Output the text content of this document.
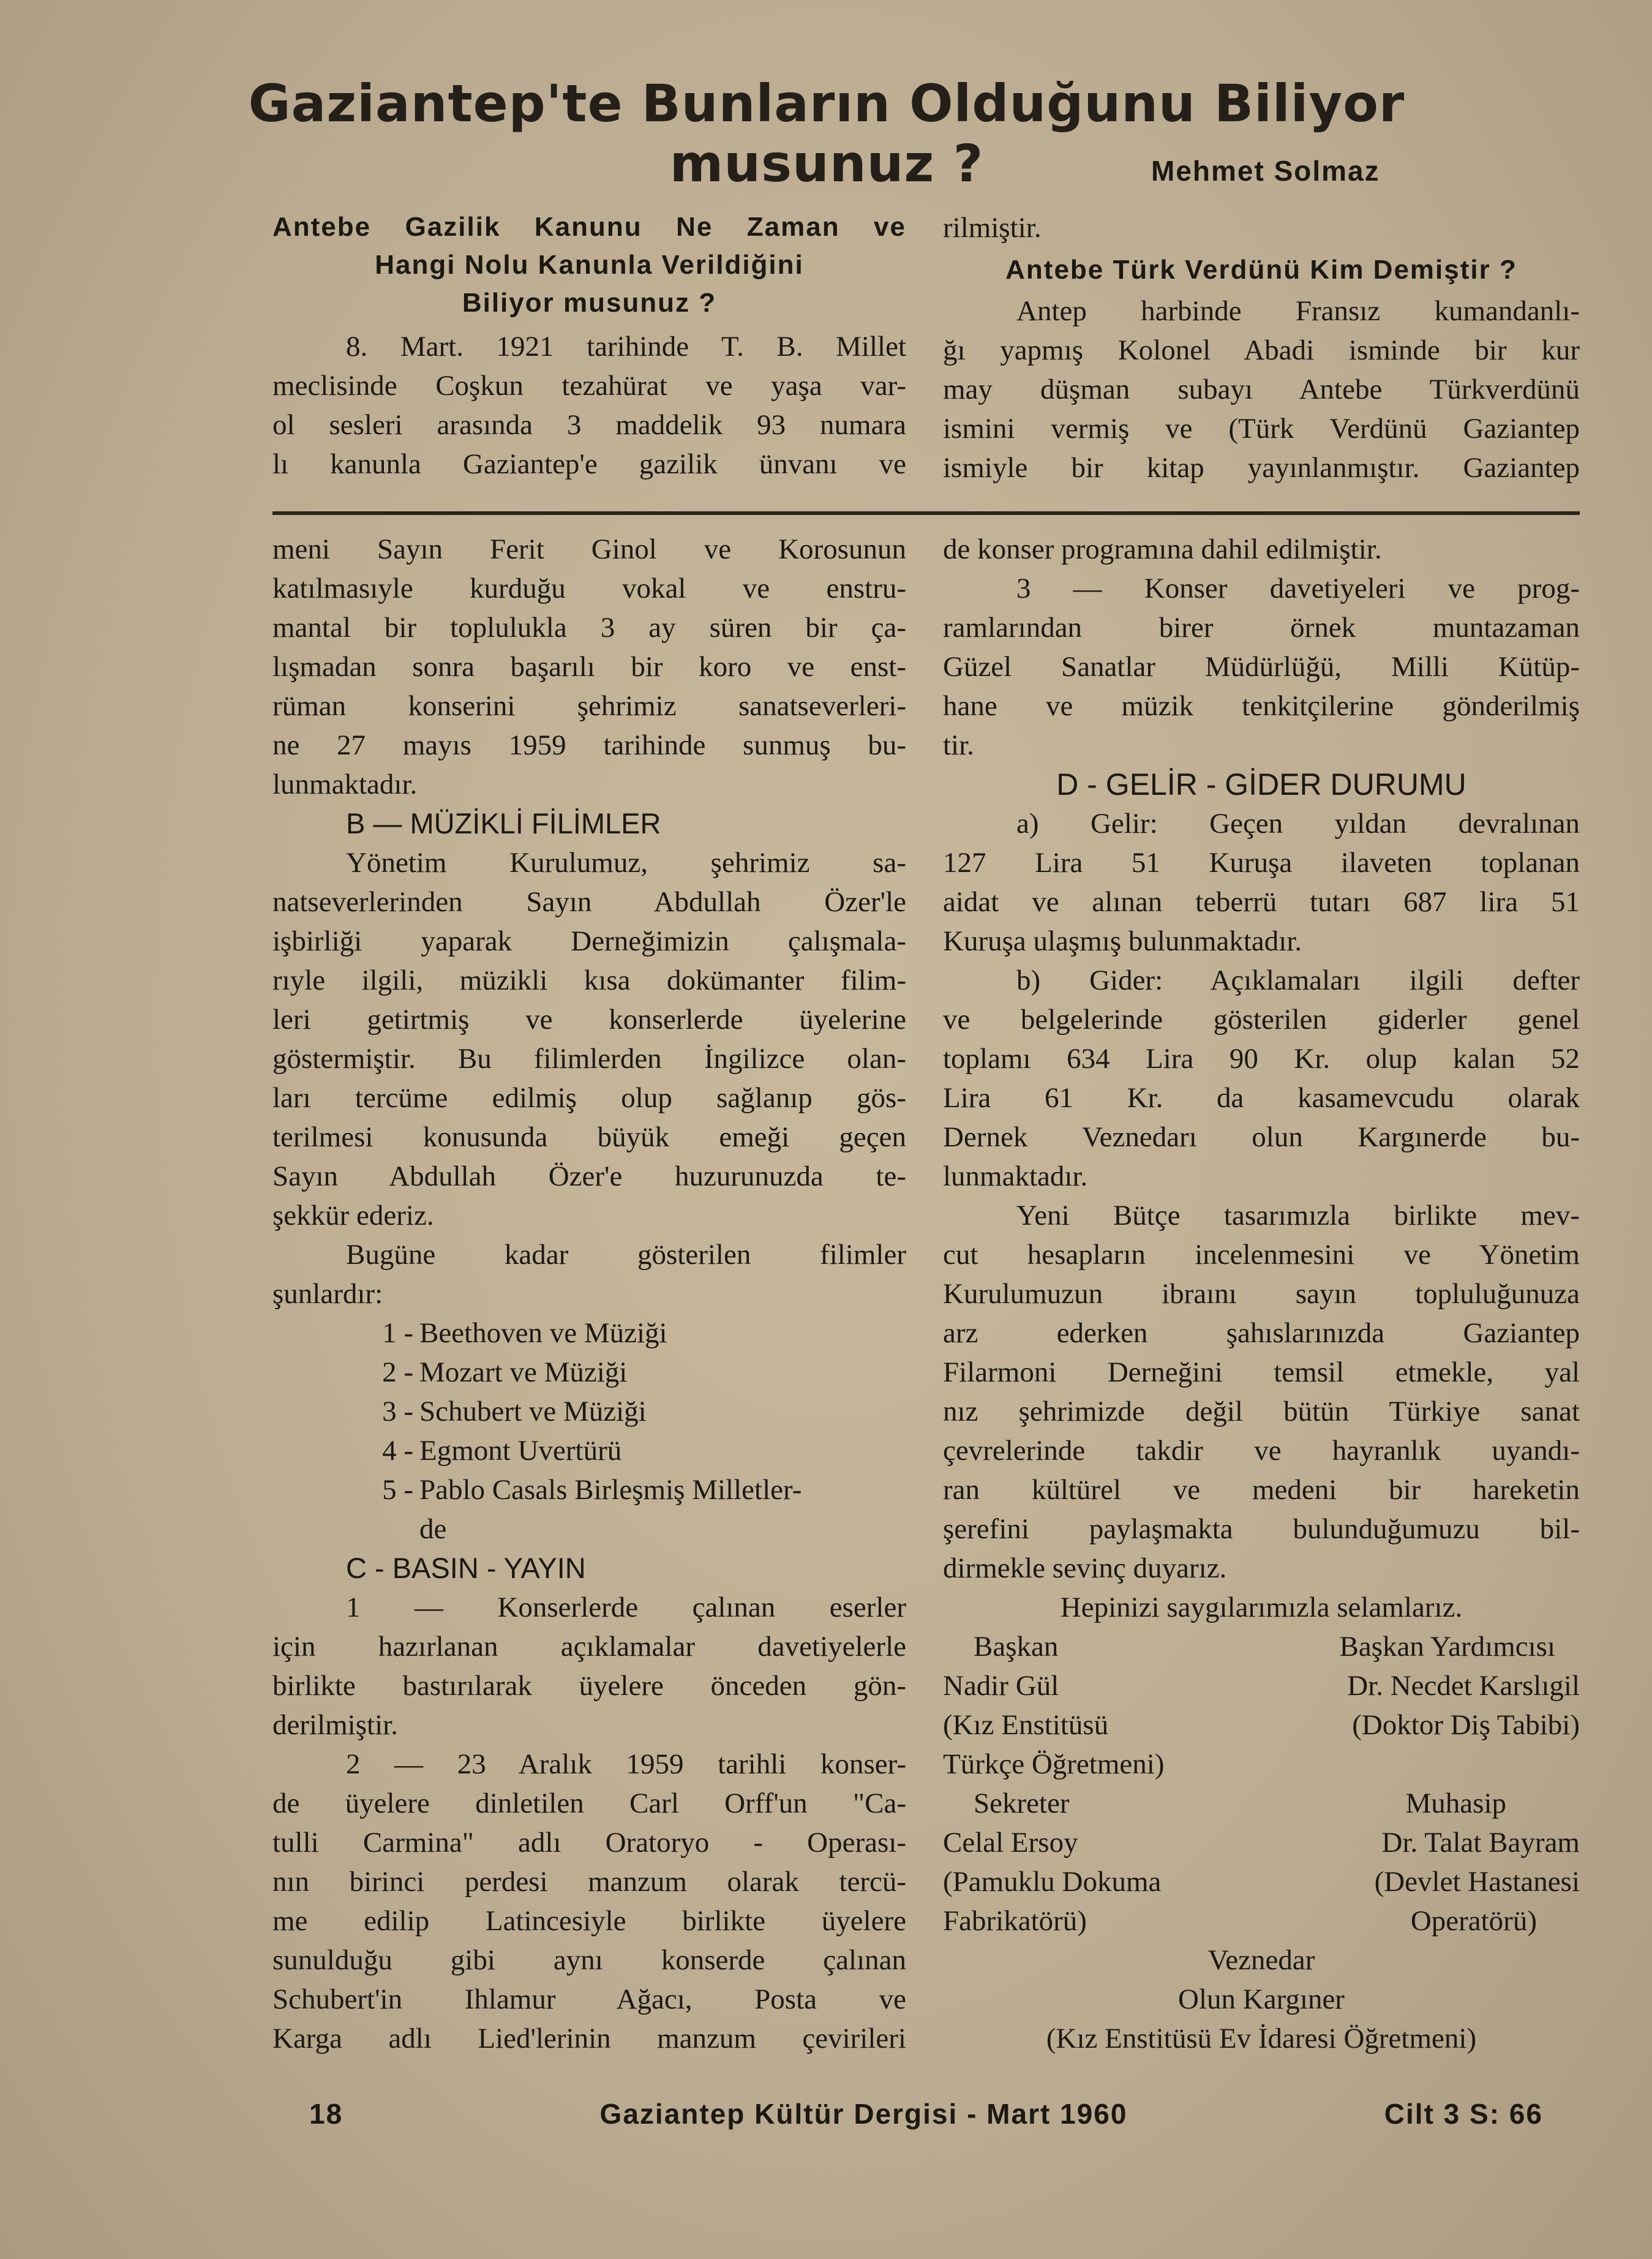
Gaziantep'te Bunların Olduğunu Biliyor musunuz ?	Mehmet Solmaz

Antebe Gazilik Kanunu Ne Zaman ve

Hangi Nolu Kanunla Verildiğini

Biliyor musunuz ?

8. Mart. 1921 tarihinde T. B. Millet

meclisinde Coşkun tezahürat ve yaşa var-

ol sesleri arasında 3 maddelik 93 numara

lı kanunla Gaziantep'e gazilik ünvanı ve

rilmiştir.

Antebe Türk Verdünü Kim Demiştir ?

Antep harbinde Fransız kumandanlı-

ğı yapmış Kolonel Abadi isminde bir kur

may düşman subayı Antebe Türkverdünü

ismini vermiş ve (Türk Verdünü Gaziantep

ismiyle bir kitap yayınlanmıştır. Gaziantep

meni Sayın Ferit Ginol ve Korosunun

katılmasıyle kurduğu vokal ve enstru-

mantal bir toplulukla 3 ay süren bir ça-

lışmadan sonra başarılı bir koro ve enst-

rüman konserini şehrimiz sanatseverleri-

ne 27 mayıs 1959 tarihinde sunmuş bu-

lunmaktadır.

B — MÜZİKLİ FİLİMLER

Yönetim Kurulumuz, şehrimiz sa-

natseverlerinden Sayın Abdullah Özer'le

işbirliği yaparak Derneğimizin çalışmala-

rıyle ilgili, müzikli kısa dokümanter filim-

leri getirtmiş ve konserlerde üyelerine

göstermiştir. Bu filimlerden İngilizce olan-

ları tercüme edilmiş olup sağlanıp gös-

terilmesi konusunda büyük emeği geçen

Sayın Abdullah Özer'e huzurunuzda te-

şekkür ederiz.

Bugüne kadar gösterilen filimler

şunlardır:

1 - Beethoven ve Müziği
2 - Mozart ve Müziği
3 - Schubert ve Müziği
4 - Egmont Uvertürü
5 - Pablo Casals Birleşmiş Milletler-

de

C - BASIN - YAYIN

1 — Konserlerde çalınan eserler

için hazırlanan açıklamalar davetiyelerle

birlikte bastırılarak üyelere önceden gön-

derilmiştir.

2 — 23 Aralık 1959 tarihli konser-

de üyelere dinletilen Carl Orff'un "Ca-

tulli Carmina" adlı Oratoryo - Operası-

nın birinci perdesi manzum olarak tercü-

me edilip Latincesiyle birlikte üyelere

sunulduğu gibi aynı konserde çalınan

Schubert'in Ihlamur Ağacı, Posta ve

Karga adlı Lied'lerinin manzum çevirileri

de konser programına dahil edilmiştir.

3 — Konser davetiyeleri ve prog-

ramlarından birer örnek muntazaman

Güzel Sanatlar Müdürlüğü, Milli Kütüp-

hane ve müzik tenkitçilerine gönderilmiş

tir.

D - GELİR - GİDER DURUMU

a) Gelir: Geçen yıldan devralınan

127 Lira 51 Kuruşa ilaveten toplanan

aidat ve alınan teberrü tutarı 687 lira 51

Kuruşa ulaşmış bulunmaktadır.

b) Gider: Açıklamaları ilgili defter

ve belgelerinde gösterilen giderler genel

toplamı 634 Lira 90 Kr. olup kalan 52

Lira 61 Kr. da kasamevcudu olarak

Dernek Veznedarı olun Kargınerde bu-

lunmaktadır.

Yeni Bütçe tasarımızla birlikte mev-

cut hesapların incelenmesini ve Yönetim

Kurulumuzun ibraını sayın topluluğunuza

arz ederken şahıslarınızda Gaziantep

Filarmoni Derneğini temsil etmekle, yal

nız şehrimizde değil bütün Türkiye sanat

çevrelerinde takdir ve hayranlık uyandı-

ran kültürel ve medeni bir hareketin

şerefini paylaşmakta bulunduğumuzu bil-

dirmekle sevinç duyarız.

Hepinizi saygılarımızla selamlarız.

Başkan	Başkan Yardımcısı
Nadir Gül	Dr. Necdet Karslıgil
(Kız Enstitüsü	(Doktor Diş Tabibi)
Türkçe Öğretmeni)
Sekreter	Muhasip
Celal Ersoy	Dr. Talat Bayram
(Pamuklu Dokuma	(Devlet Hastanesi
Fabrikatörü)	Operatörü)

Veznedar

Olun Kargıner

(Kız Enstitüsü Ev İdaresi Öğretmeni)

18	Gaziantep Kültür Dergisi - Mart 1960	Cilt 3 S: 66
